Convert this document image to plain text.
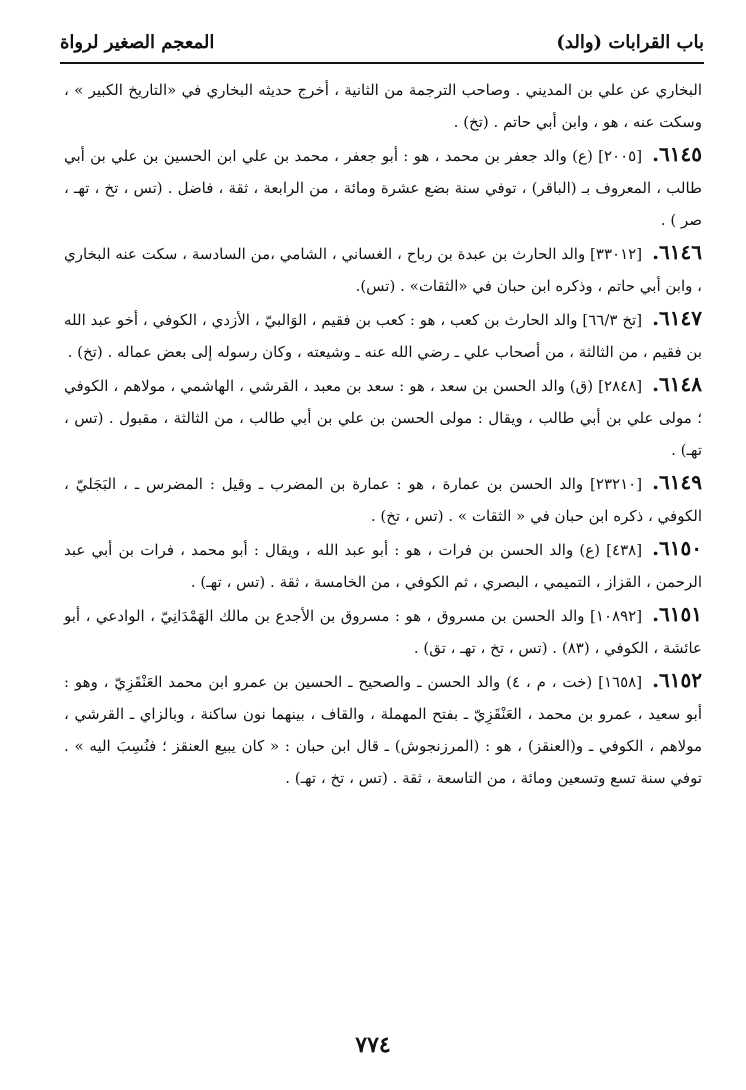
باب القرابات (والد)
المعجم الصغير لرواة

البخاري عن علي بن المديني . وصاحب الترجمة من الثانية ، أخرج حديثه البخاري في «التاريخ الكبير » ، وسكت عنه ، هو ، وابن أبي حاتم . (تخ) .

٦١٤٥.[٢٠٠٥] (ع) والد جعفر بن محمد ، هو : أبو جعفر ، محمد بن علي ابن الحسين بن علي بن أبي طالب ، المعروف بـ (الباقر) ، توفي سنة بضع عشرة ومائة ، من الرابعة ، ثقة ، فاضل . (تس ، تخ ، تهـ ، صر ) .

٦١٤٦.[٣٣٠١٢] والد الحارث بن عبدة بن رباح ، الغساني ، الشامي ،من السادسة ، سكت عنه البخاري ، وابن أبي حاتم ، وذكره ابن حبان في «الثقات» . (تس).

٦١٤٧.[تخ ٦٦/٣] والد الحارث بن كعب ، هو : كعب بن فقيم ، الوَالبيّ ، الأزدي ، الكوفي ، أخو عبد الله بن فقيم ، من الثالثة ، من أصحاب علي ـ رضي الله عنه ـ وشيعته ، وكان رسوله إلى بعض عماله . (تخ) .

٦١٤٨.[٢٨٤٨] (ق) والد الحسن بن سعد ، هو : سعد بن معبد ، القرشي ، الهاشمي ، مولاهم ، الكوفي ؛ مولى علي بن أبي طالب ، ويقال : مولى الحسن بن علي بن أبي طالب ، من الثالثة ، مقبول . (تس ، تهـ) .

٦١٤٩.[٢٣٢١٠] والد الحسن بن عمارة ، هو : عمارة بن المضرب ـ وقيل : المضرس ـ ، البَجَليّ ، الكوفي ، ذكره ابن حبان في « الثقات » . (تس ، تخ) .

٦١٥٠.[٤٣٨] (ع) والد الحسن بن فرات ، هو : أبو عبد الله ، ويقال : أبو محمد ، فرات بن أبي عبد الرحمن ، القزاز ، التميمي ، البصري ، ثم الكوفي ، من الخامسة ، ثقة . (تس ، تهـ) .

٦١٥١.[١٠٨٩٢] والد الحسن بن مسروق ، هو : مسروق بن الأجدع بن مالك الهَمْدَانِيّ ، الوادعي ، أبو عائشة ، الكوفي ، (٨٣) . (تس ، تخ ، تهـ ، تق) .

٦١٥٢.[١٦٥٨] (خت ، م ، ٤) والد الحسن ـ والصحيح ـ الحسين بن عمرو ابن محمد العَنْقَزِيّ ، وهو : أبو سعيد ، عمرو بن محمد ، العَنْقَزِيّ ـ بفتح المهملة ، والقاف ، بينهما نون ساكنة ، وبالزاي ـ القرشي ، مولاهم ، الكوفي ـ و(العنقز) ، هو : (المرزنجوش) ـ قال ابن حبان : « كان يبيع العنقز ؛ فنُسِبَ اليه » . توفي سنة تسع وتسعين ومائة ، من التاسعة ، ثقة . (تس ، تخ ، تهـ) .

٧٧٤
